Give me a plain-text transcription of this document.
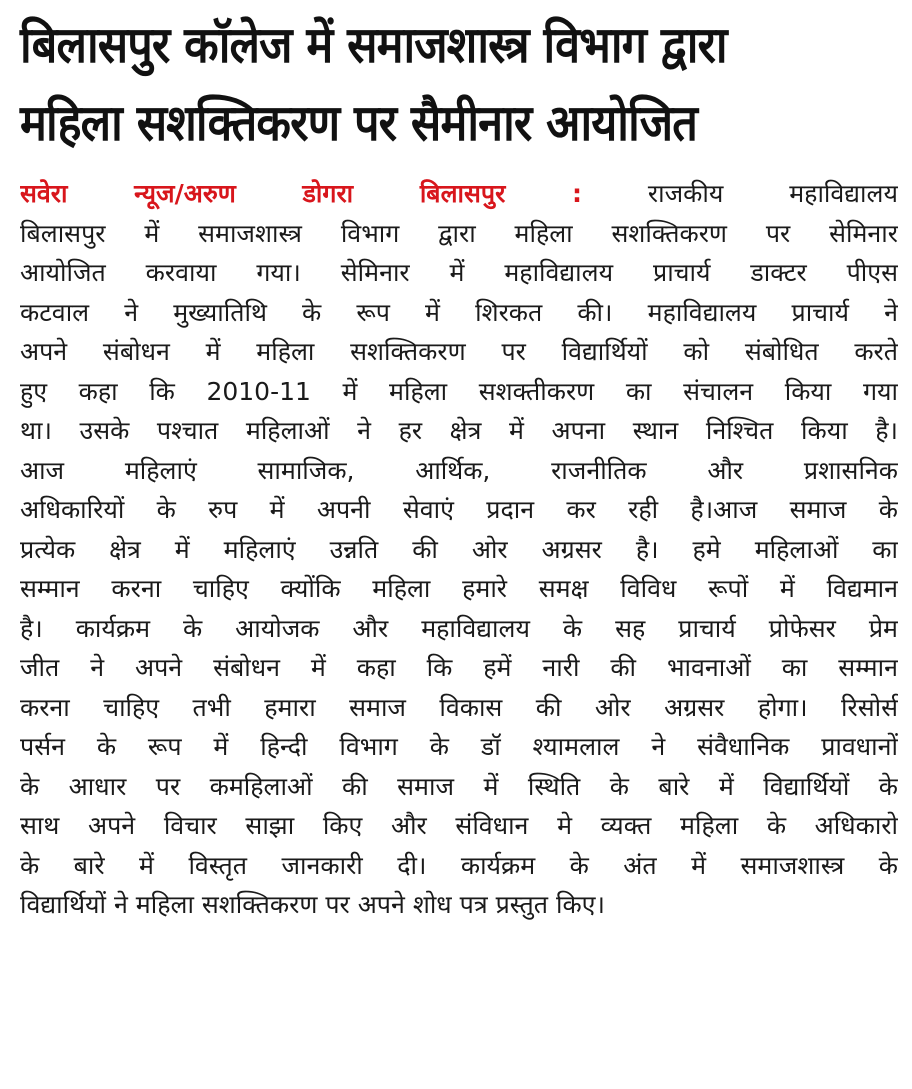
बिलासपुर कॉलेज में समाजशास्त्र विभाग द्वारा
महिला सशक्तिकरण पर सैमीनार आयोजित
सवेरा न्यूज/अरुण डोगरा बिलासपुर : राजकीय महाविद्यालय
बिलासपुर में समाजशास्त्र विभाग द्वारा महिला सशक्तिकरण पर सेमिनार
आयोजित करवाया गया। सेमिनार में महाविद्यालय प्राचार्य डाक्टर पीएस
कटवाल ने मुख्यातिथि के रूप में शिरकत की। महाविद्यालय प्राचार्य ने
अपने संबोधन में महिला सशक्तिकरण पर विद्यार्थियों को संबोधित करते
हुए कहा कि 2010-11 में महिला सशक्तीकरण का संचालन किया गया
था। उसके पश्चात महिलाओं ने हर क्षेत्र में अपना स्थान निश्चित किया है।
आज महिलाएं सामाजिक, आर्थिक, राजनीतिक और प्रशासनिक
अधिकारियों के रुप में अपनी सेवाएं प्रदान कर रही है।आज समाज के
प्रत्येक क्षेत्र में महिलाएं उन्नति की ओर अग्रसर है। हमे महिलाओं का
सम्मान करना चाहिए क्योंकि महिला हमारे समक्ष विविध रूपों में विद्यमान
है। कार्यक्रम के आयोजक और महाविद्यालय के सह प्राचार्य प्रोफेसर प्रेम
जीत ने अपने संबोधन में कहा कि हमें नारी की भावनाओं का सम्मान
करना चाहिए तभी हमारा समाज विकास की ओर अग्रसर होगा। रिसोर्स
पर्सन के रूप में हिन्दी विभाग के डॉ श्यामलाल ने संवैधानिक प्रावधानों
के आधार पर कमहिलाओं की समाज में स्थिति के बारे में विद्यार्थियों के
साथ अपने विचार साझा किए और संविधान मे व्यक्त महिला के अधिकारो
के बारे में विस्तृत जानकारी दी। कार्यक्रम के अंत में समाजशास्त्र के
विद्यार्थियों ने महिला सशक्तिकरण पर अपने शोध पत्र प्रस्तुत किए।
